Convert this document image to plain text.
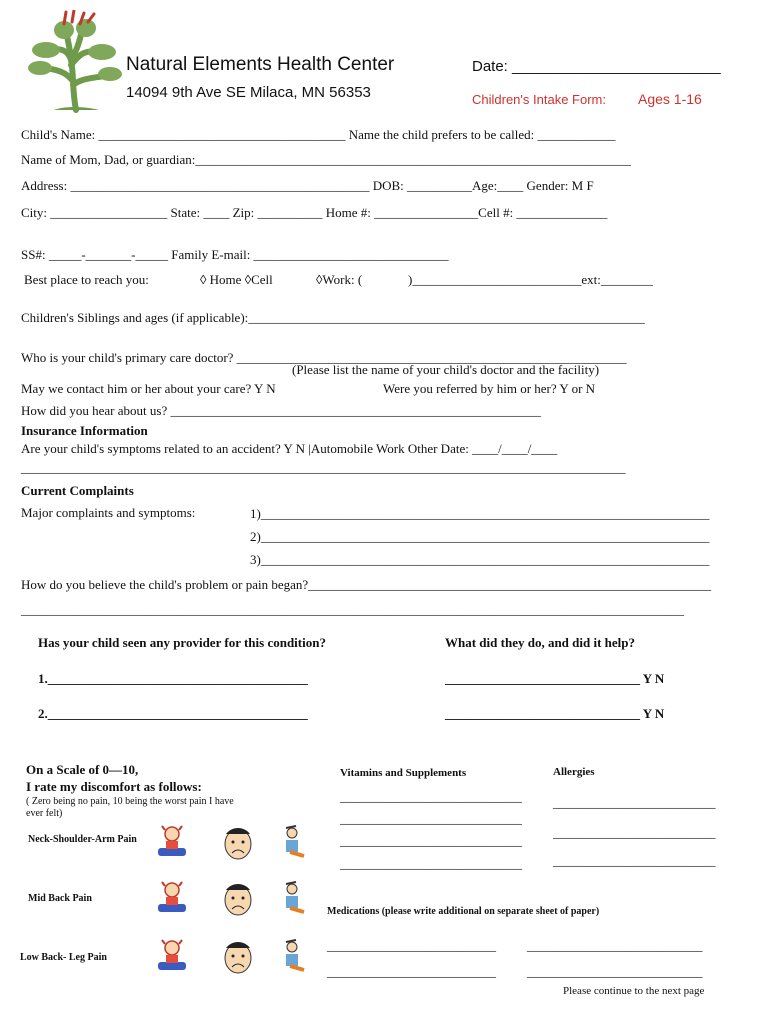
Natural Elements Health Center
14094 9th Ave SE Milaca, MN 56353
Date: _________________________
Children's Intake Form: Ages 1-16
Child's Name: ______________________________________ Name the child prefers to be called: ____________
Name of Mom, Dad, or guardian:___________________________________________________________________
Address: ______________________________________________ DOB: __________Age:____ Gender: M F
City: __________________ State: ____ Zip: __________ Home #: ________________Cell #: ______________
SS#: _____-_______-_____ Family E-mail: ______________________________
Best place to reach you:	◊ Home ◊Cell	◊Work: (	)__________________________ext:________
Children's Siblings and ages (if applicable):_____________________________________________________________
Who is your child's primary care doctor? ____________________________________________________________
(Please list the name of your child's doctor and the facility)
May we contact him or her about your care? Y N	Were you referred by him or her? Y or N
How did you hear about us? _________________________________________________________
Insurance Information
Are your child's symptoms related to an accident? Y N |Automobile Work Other Date: ____/____/____
_____________________________________________________________________________________________
Current Complaints
Major complaints and symptoms:	1)_____________________________________________________________________
2)_____________________________________________________________________
3)_____________________________________________________________________
How do you believe the child's problem or pain began?______________________________________________________________
______________________________________________________________________________________________________
Has your child seen any provider for this condition?	What did they do, and did it help?
1.________________________________________	______________________________ Y N
2.________________________________________	______________________________ Y N
On a Scale of 0—10,
I rate my discomfort as follows:
( Zero being no pain, 10 being the worst pain I have
ever felt)
Neck-Shoulder-Arm Pain
Mid Back Pain
Low Back- Leg Pain
Vitamins and Supplements
____________________________
____________________________
____________________________
____________________________
Allergies
_________________________
_________________________
_________________________
Medications (please write additional on separate sheet of paper)
__________________________ ___________________________
__________________________ ___________________________
Please continue to the next page
